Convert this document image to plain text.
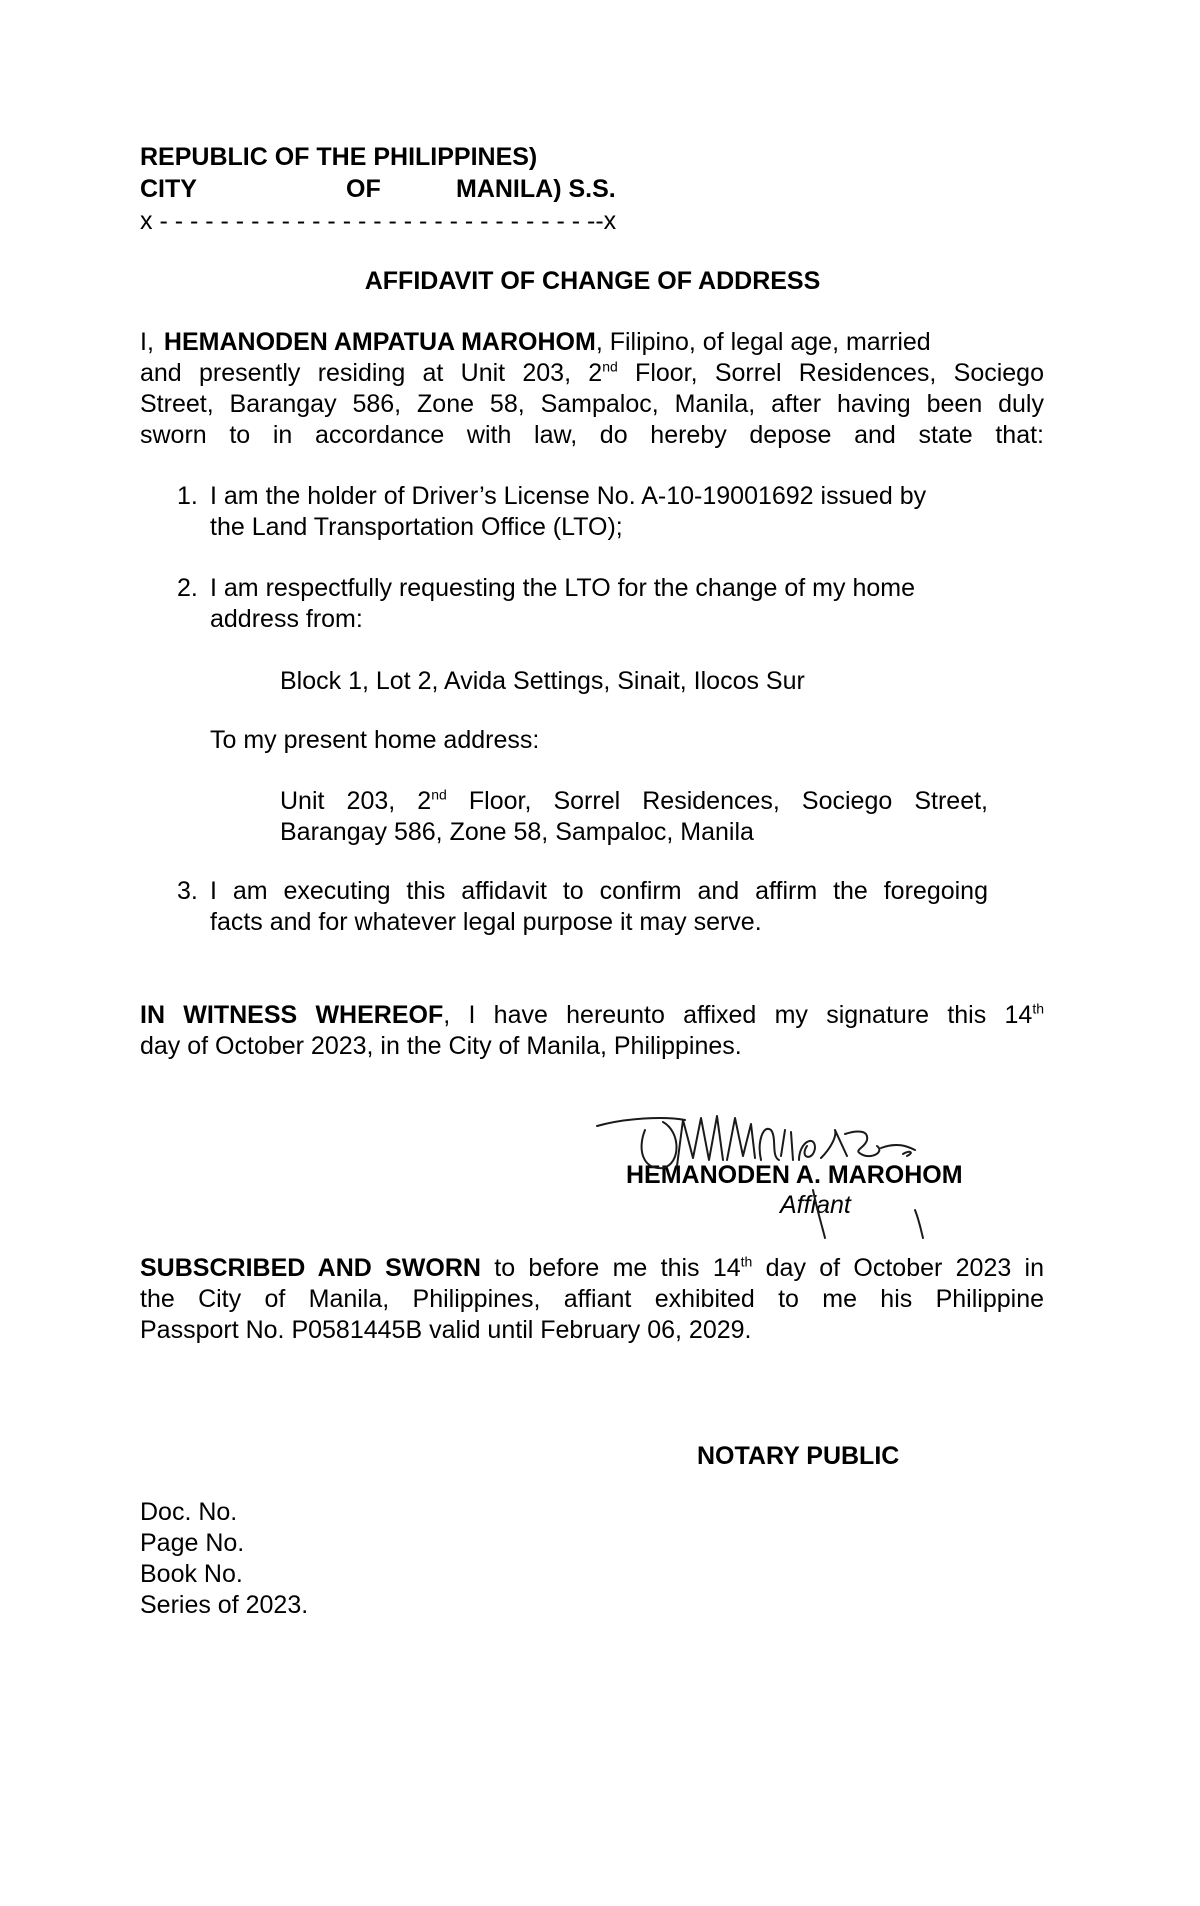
REPUBLIC OF THE PHILIPPINES)
CITY	OF	MANILA) S.S.
x - - - - - - - - - - - - - - - - - - - - - - - - - - - - --x
AFFIDAVIT OF CHANGE OF ADDRESS
I, HEMANODEN AMPATUA MAROHOM, Filipino, of legal age, married
and presently residing at Unit 203, 2nd Floor, Sorrel Residences, Sociego
Street, Barangay 586, Zone 58, Sampaloc, Manila, after having been duly
sworn to in accordance with law, do hereby depose and state that:
1. I am the holder of Driver’s License No. A-10-19001692 issued by
the Land Transportation Office (LTO);
2. I am respectfully requesting the LTO for the change of my home
address from:
Block 1, Lot 2, Avida Settings, Sinait, Ilocos Sur
To my present home address:
Unit 203, 2nd Floor, Sorrel Residences, Sociego Street,
Barangay 586, Zone 58, Sampaloc, Manila
3. I am executing this affidavit to confirm and affirm the foregoing
facts and for whatever legal purpose it may serve.
IN WITNESS WHEREOF, I have hereunto affixed my signature this 14th
day of October 2023, in the City of Manila, Philippines.
HEMANODEN A. MAROHOM
Affiant
SUBSCRIBED AND SWORN to before me this 14th day of October 2023 in
the City of Manila, Philippines, affiant exhibited to me his Philippine
Passport No. P0581445B valid until February 06, 2029.
NOTARY PUBLIC
Doc. No.
Page No.
Book No.
Series of 2023.
